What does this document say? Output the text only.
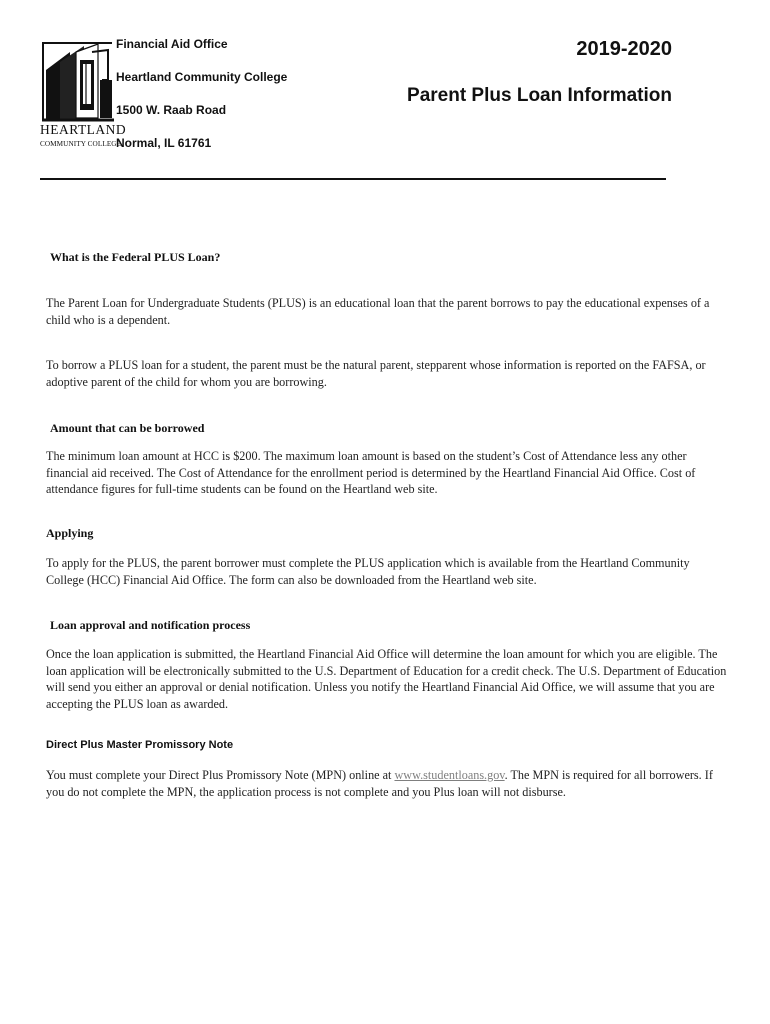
HEARTLAND
COMMUNITY COLLEGE
Financial Aid Office
Heartland Community College
1500 W. Raab Road
Normal, IL 61761
2019-2020
Parent Plus Loan Information
What is the Federal PLUS Loan?
The Parent Loan for Undergraduate Students (PLUS) is an educational loan that the parent borrows to pay the educational expenses of a child who is a dependent.
To borrow a PLUS loan for a student, the parent must be the natural parent, stepparent whose information is reported on the FAFSA, or adoptive parent of the child for whom you are borrowing.
Amount that can be borrowed
The minimum loan amount at HCC is $200. The maximum loan amount is based on the student’s Cost of Attendance less any other financial aid received. The Cost of Attendance for the enrollment period is determined by the Heartland Financial Aid Office. Cost of attendance figures for full-time students can be found on the Heartland web site.
Applying
To apply for the PLUS, the parent borrower must complete the PLUS application which is available from the Heartland Community College (HCC) Financial Aid Office. The form can also be downloaded from the Heartland web site.
Loan approval and notification process
Once the loan application is submitted, the Heartland Financial Aid Office will determine the loan amount for which you are eligible. The loan application will be electronically submitted to the U.S. Department of Education for a credit check. The U.S. Department of Education will send you either an approval or denial notification. Unless you notify the Heartland Financial Aid Office, we will assume that you are accepting the PLUS loan as awarded.
Direct Plus Master Promissory Note
You must complete your Direct Plus Promissory Note (MPN) online at www.studentloans.gov. The MPN is required for all borrowers. If you do not complete the MPN, the application process is not complete and you Plus loan will not disburse.
